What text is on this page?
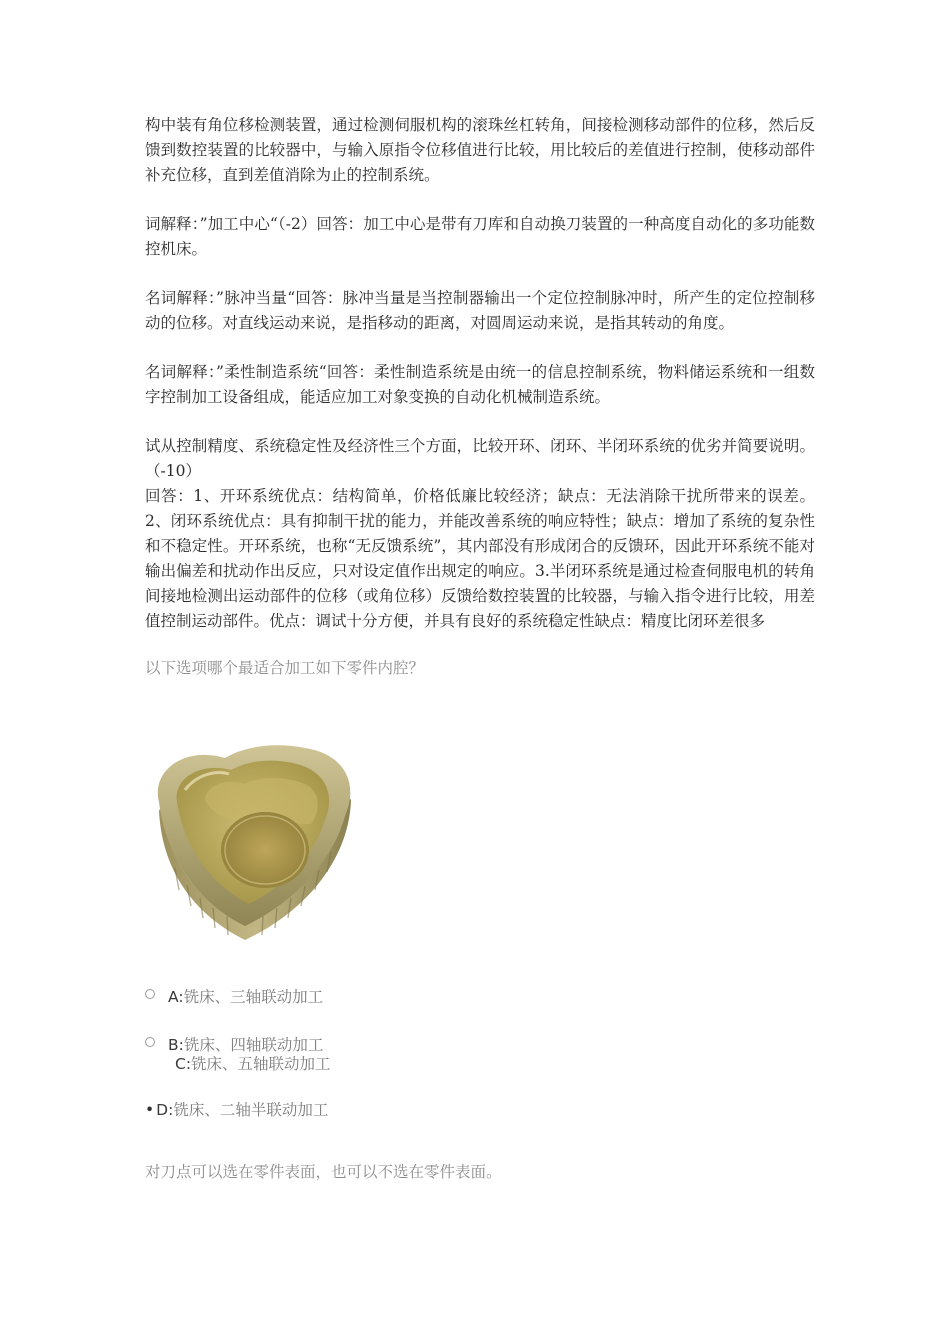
构中装有角位移检测装置，通过检测伺服机构的滚珠丝杠转角，间接检测移动部件的位移，然后反馈到数控装置的比较器中，与输入原指令位移值进行比较，用比较后的差值进行控制，使移动部件补充位移，直到差值消除为止的控制系统。

词解释：”加工中心“（-2）回答：加工中心是带有刀库和自动换刀装置的一种高度自动化的多功能数控机床。

名词解释：”脉冲当量“回答：脉冲当量是当控制器输出一个定位控制脉冲时，所产生的定位控制移动的位移。对直线运动来说，是指移动的距离，对圆周运动来说，是指其转动的角度。

名词解释：”柔性制造系统“回答：柔性制造系统是由统一的信息控制系统，物料储运系统和一组数字控制加工设备组成，能适应加工对象变换的自动化机械制造系统。

试从控制精度、系统稳定性及经济性三个方面，比较开环、闭环、半闭环系统的优劣并简要说明。（-10）

回答：1、开环系统优点：结构简单，价格低廉比较经济；缺点：无法消除干扰所带来的误差。2、闭环系统优点：具有抑制干扰的能力，并能改善系统的响应特性；缺点：增加了系统的复杂性和不稳定性。开环系统，也称“无反馈系统”，其内部没有形成闭合的反馈环，因此开环系统不能对输出偏差和扰动作出反应，只对设定值作出规定的响应。3.半闭环系统是通过检查伺服电机的转角间接地检测出运动部件的位移（或角位移）反馈给数控装置的比较器，与输入指令进行比较，用差值控制运动部件。优点：调试十分方便，并具有良好的系统稳定性缺点：精度比闭环差很多

以下选项哪个最适合加工如下零件内腔？

A:铣床、三轴联动加工
B:铣床、四轴联动加工
C:铣床、五轴联动加工
• D:铣床、二轴半联动加工
对刀点可以选在零件表面，也可以不选在零件表面。
